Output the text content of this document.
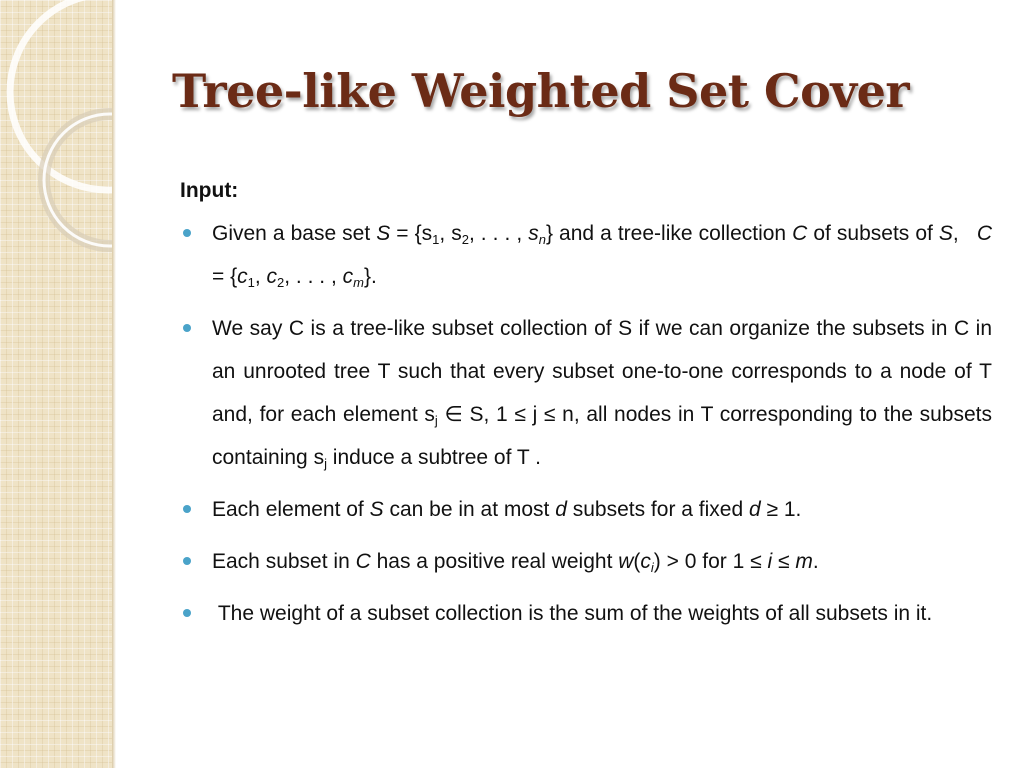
Tree-like Weighted Set Cover

Input:

Given a base set $S = \{s_1$, $s_2$, . . . , $s_n$} and a tree-like collection C of subsets of S,   $C = \{c_1$, $c_2$, . . . , $c_m$}.
We say C is a tree-like subset collection of S if we can organize the subsets in C in an unrooted tree T such that every subset one-to-one corresponds to a node of T and, for each element $s_j$ ∈ S, 1 ≤ j ≤ n, all nodes in T corresponding to the subsets containing $s_j$ induce a subtree of T .
Each element of S can be in at most d subsets for a fixed d ≥ 1.
Each subset in C has a positive real weight $w(c_i) > 0$ for 1 ≤ i ≤ m.
The weight of a subset collection is the sum of the weights of all subsets in it.
